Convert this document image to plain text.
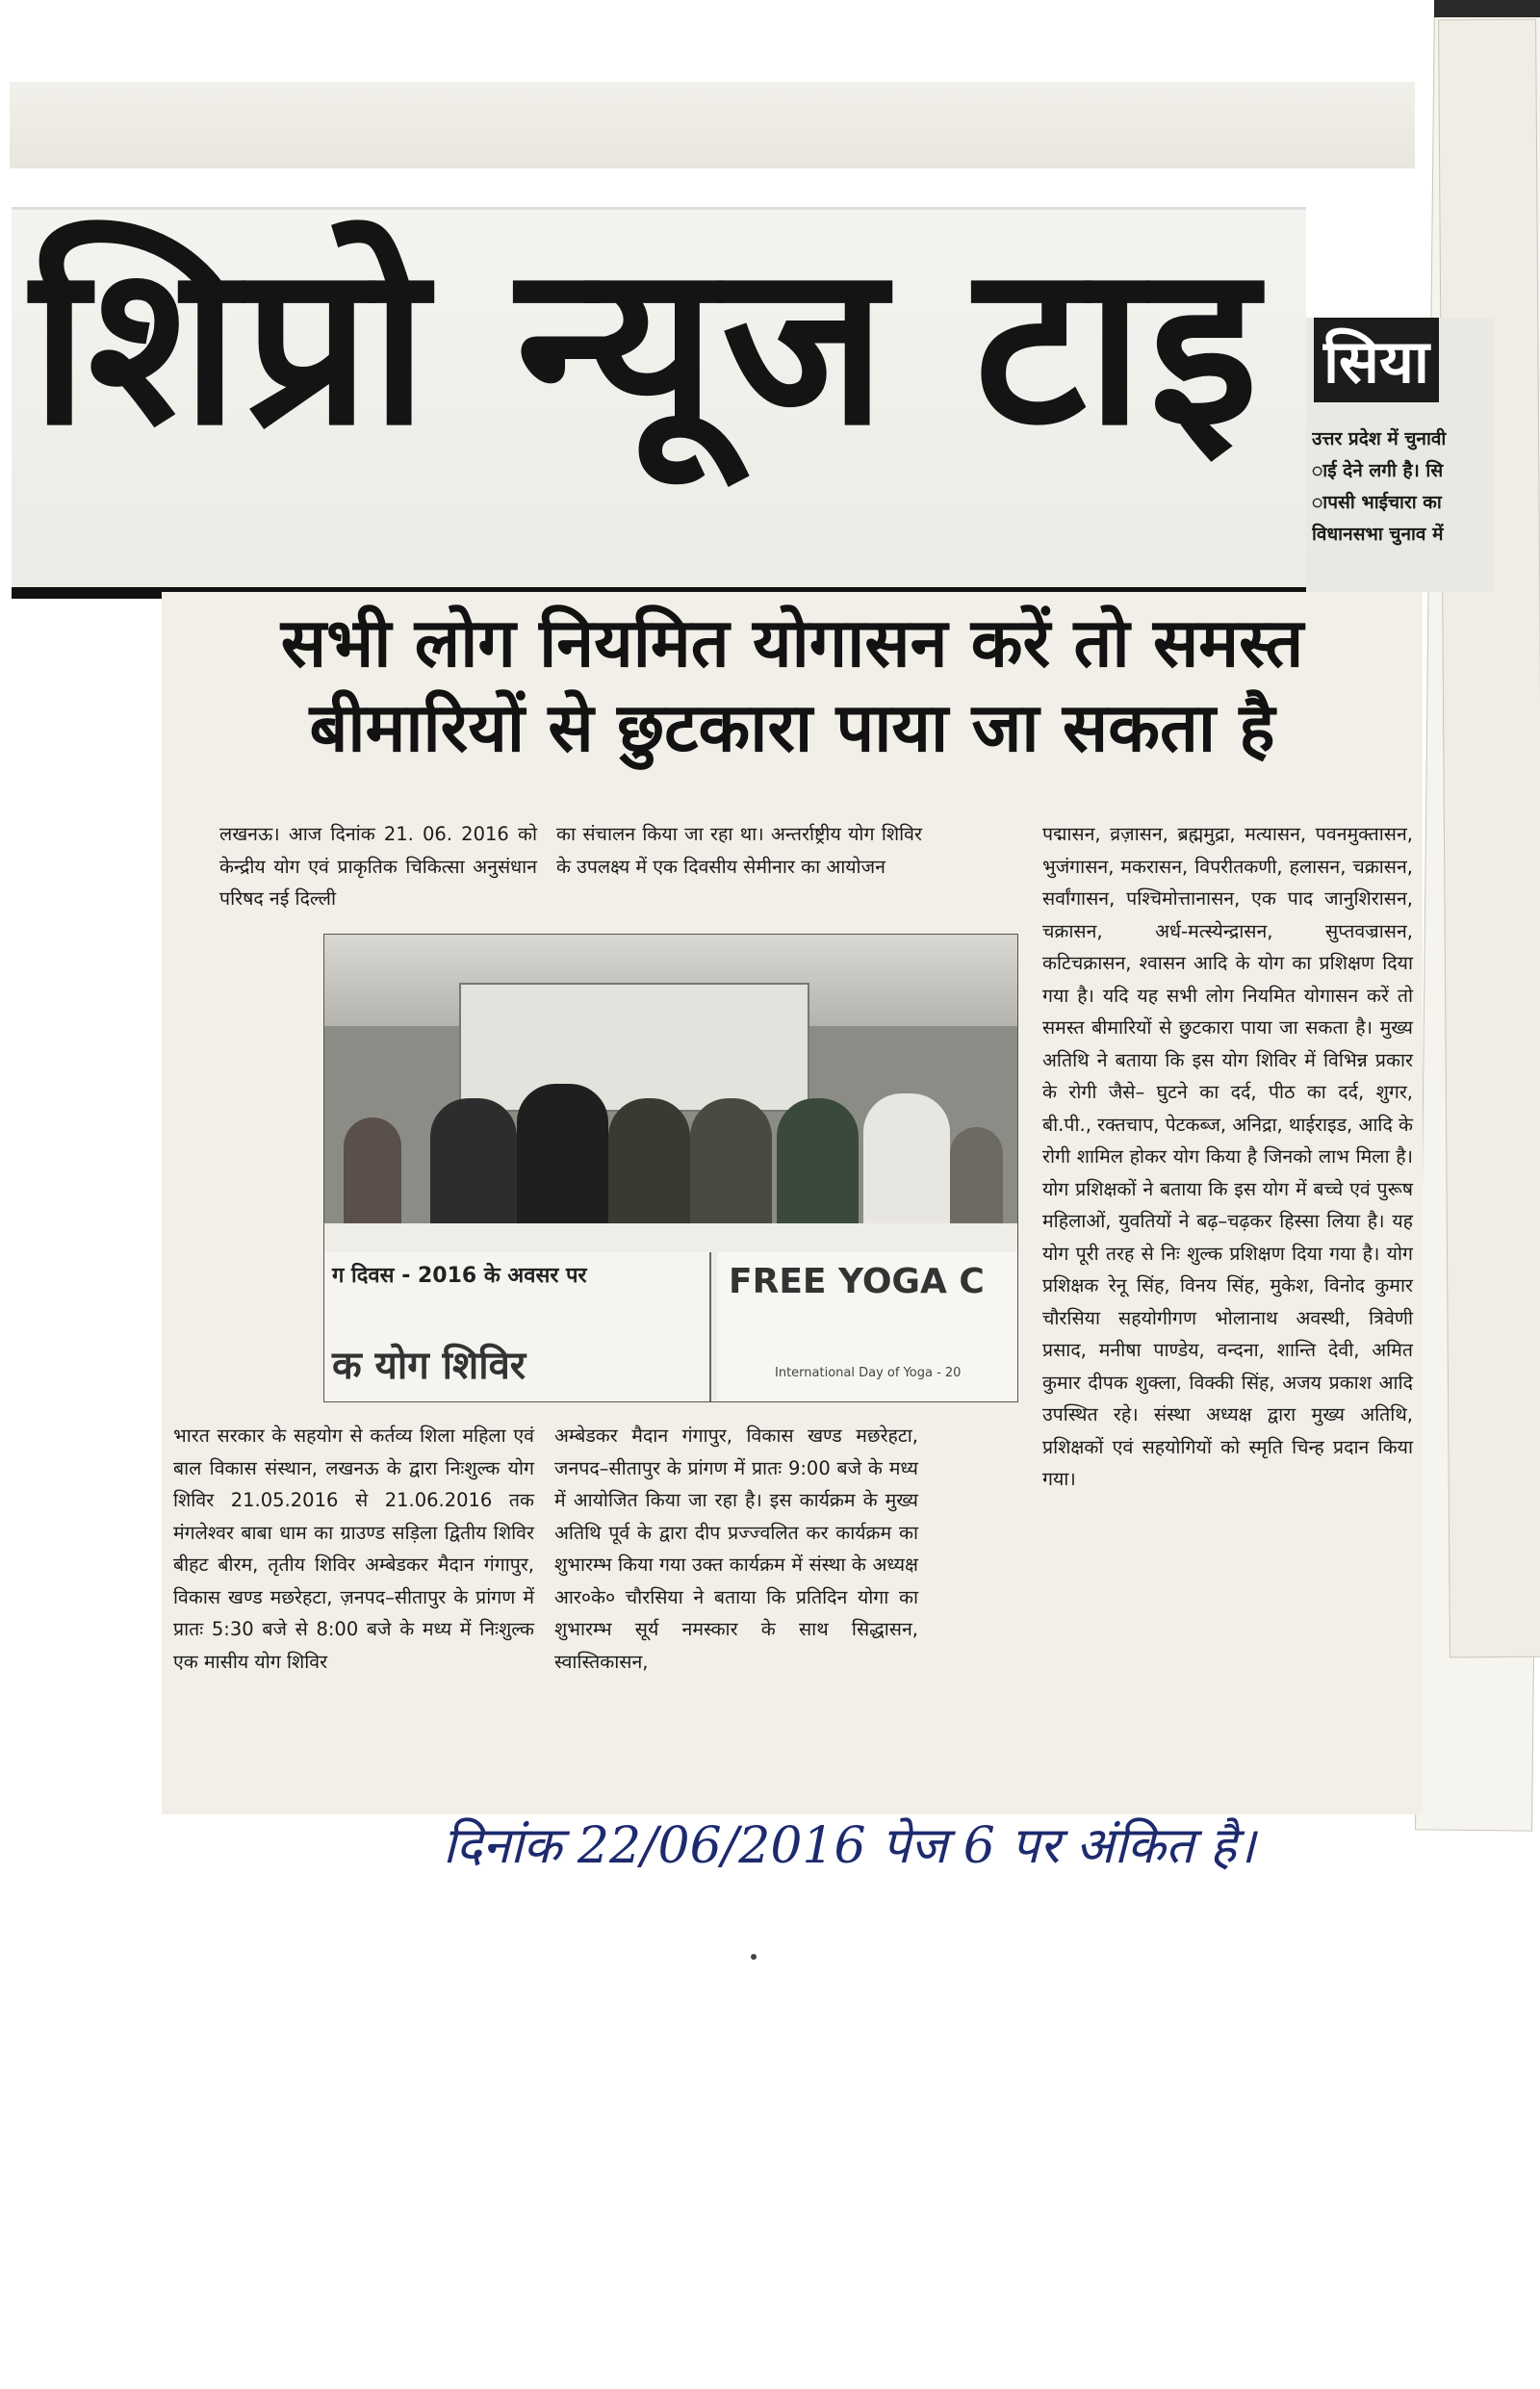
शिप्रो न्यूज टाइ सिया
उत्तर प्रदेश में चुनावी
ाई देने लगी है। सि
ापसी भाईचारा का
विधानसभा चुनाव में
सभी लोग नियमित योगासन करें तो समस्त
बीमारियों से छुटकारा पाया जा सकता है

लखनऊ। आज दिनांक 21. 06. 2016 को केन्द्रीय योग एवं प्राकृतिक चिकित्सा अनुसंधान परिषद नई दिल्ली

का संचालन किया जा रहा था। अन्तर्राष्ट्रीय योग शिविर के उपलक्ष्य में एक दिवसीय सेमीनार का आयोजन

पद्मासन, व्रज़ासन, ब्रह्ममुद्रा, मत्यासन, पवनमुक्तासन, भुजंगासन, मकरासन, विपरीतकणी, हलासन, चक्रासन, सर्वांगासन, पश्चिमोत्तानासन, एक पाद जानुशिरासन, चक्रासन, अर्ध-मत्स्येन्द्रासन, सुप्तवज्रासन, कटिचक्रासन, श्वासन आदि के योग का प्रशिक्षण दिया गया है। यदि यह सभी लोग नियमित योगासन करें तो समस्त बीमारियों से छुटकारा पाया जा सकता है। मुख्य अतिथि ने बताया कि इस योग शिविर में विभिन्न प्रकार के रोगी जैसे– घुटने का दर्द, पीठ का दर्द, शुगर, बी.पी., रक्तचाप, पेटकब्ज, अनिद्रा, थाईराइड, आदि के रोगी शामिल होकर योग किया है जिनको लाभ मिला है। योग प्रशिक्षकों ने बताया कि इस योग में बच्चे एवं पुरूष महिलाओं, युवतियों ने बढ़–चढ़कर हिस्सा लिया है। यह योग पूरी तरह से निः शुल्क प्रशिक्षण दिया गया है। योग प्रशिक्षक रेनू सिंह, विनय सिंह, मुकेश, विनोद कुमार चौरसिया सहयोगीगण भोलानाथ अवस्थी, त्रिवेणी प्रसाद, मनीषा पाण्डेय, वन्दना, शान्ति देवी, अमित कुमार दीपक शुक्ला, विक्की सिंह, अजय प्रकाश आदि उपस्थित रहे। संस्था अध्यक्ष द्वारा मुख्य अतिथि, प्रशिक्षकों एवं सहयोगियों को स्मृति चिन्ह प्रदान किया गया।

ग दिवस - 2016 के अवसर पर
क योग शिविर
FREE YOGA C
International Day of Yoga - 20

भारत सरकार के सहयोग से कर्तव्य शिला महिला एवं बाल विकास संस्थान, लखनऊ के द्वारा निःशुल्क योग शिविर 21.05.2016 से 21.06.2016 तक मंगलेश्वर बाबा धाम का ग्राउण्ड सड़िला द्वितीय शिविर बीहट बीरम, तृतीय शिविर अम्बेडकर मैदान गंगापुर, विकास खण्ड मछरेहटा, ज़नपद–सीतापुर के प्रांगण में प्रातः 5:30 बजे से 8:00 बजे के मध्य में निःशुल्क एक मासीय योग शिविर

अम्बेडकर मैदान गंगापुर, विकास खण्ड मछरेहटा, जनपद–सीतापुर के प्रांगण में प्रातः 9:00 बजे के मध्य में आयोजित किया जा रहा है। इस कार्यक्रम के मुख्य अतिथि पूर्व के द्वारा दीप प्रज्ज्वलित कर कार्यक्रम का शुभारम्भ किया गया उक्त कार्यक्रम में संस्था के अध्यक्ष आर०के० चौरसिया ने बताया कि प्रतिदिन योगा का शुभारम्भ सूर्य नमस्कार के साथ सिद्धासन, स्वास्तिकासन,

दिनांक 22/06/2016 पेज 6 पर अंकित है।
